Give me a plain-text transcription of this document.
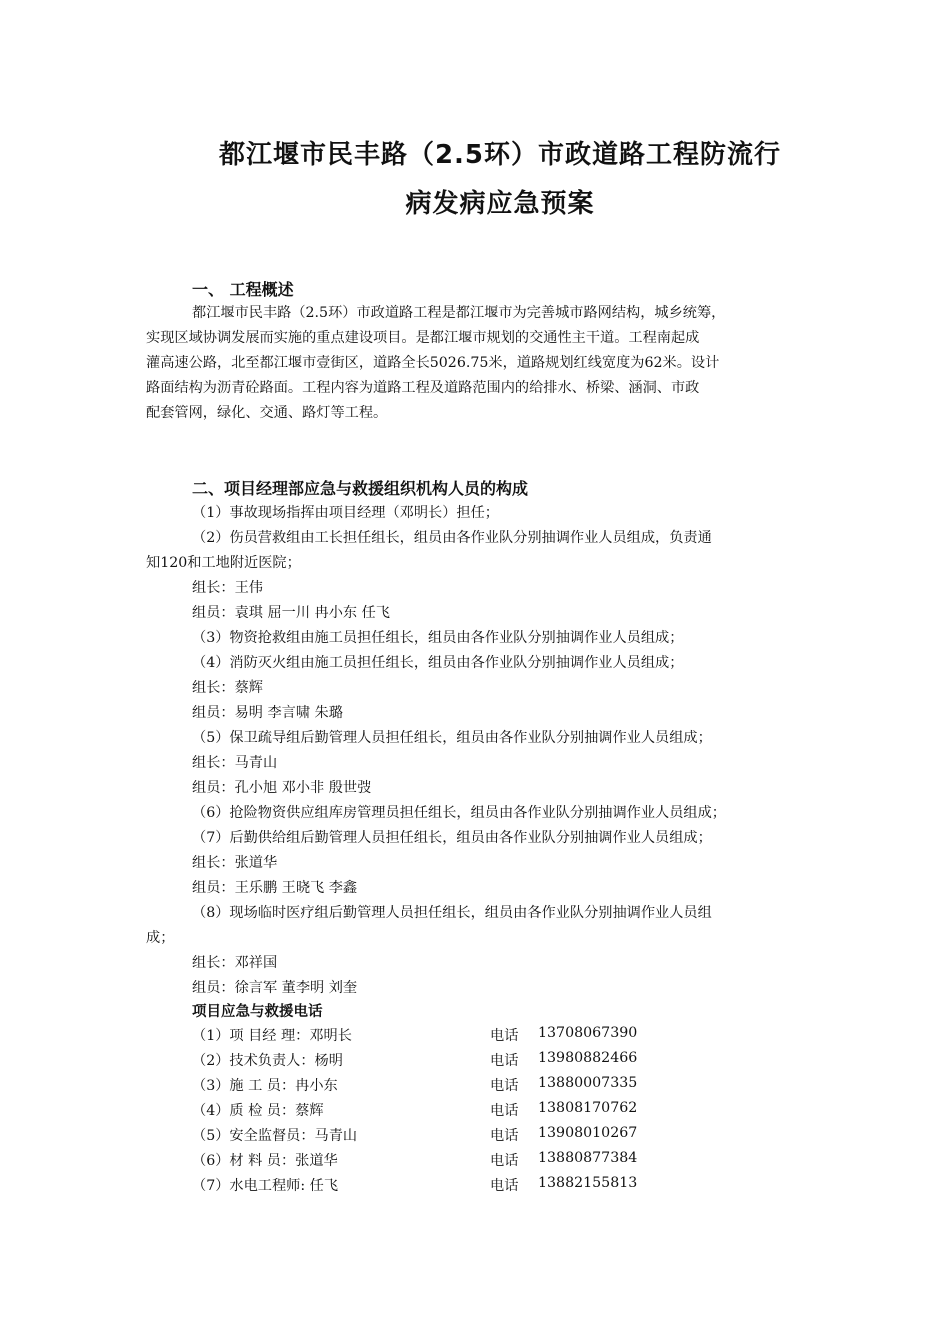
都江堰市民丰路（2.5环）市政道路工程防流行
病发病应急预案
一、 工程概述
都江堰市民丰路（2.5环）市政道路工程是都江堰市为完善城市路网结构，城乡统筹，
实现区域协调发展而实施的重点建设项目。是都江堰市规划的交通性主干道。工程南起成
灌高速公路，北至都江堰市壹街区，道路全长5026.75米，道路规划红线宽度为62米。设计
路面结构为沥青砼路面。工程内容为道路工程及道路范围内的给排水、桥梁、涵洞、市政
配套管网，绿化、交通、路灯等工程。
二、项目经理部应急与救援组织机构人员的构成
（1）事故现场指挥由项目经理（邓明长）担任；
（2）伤员营救组由工长担任组长，组员由各作业队分别抽调作业人员组成，负责通
知120和工地附近医院；
组长：王伟
组员：袁琪 屈一川 冉小东 任飞
（3）物资抢救组由施工员担任组长，组员由各作业队分别抽调作业人员组成；
（4）消防灭火组由施工员担任组长，组员由各作业队分别抽调作业人员组成；
组长：蔡辉
组员：易明 李言啸 朱璐
（5）保卫疏导组后勤管理人员担任组长，组员由各作业队分别抽调作业人员组成；
组长：马青山
组员：孔小旭 邓小非 殷世弢
（6）抢险物资供应组库房管理员担任组长，组员由各作业队分别抽调作业人员组成；
（7）后勤供给组后勤管理人员担任组长，组员由各作业队分别抽调作业人员组成；
组长：张道华
组员：王乐鹏 王晓飞 李鑫
（8）现场临时医疗组后勤管理人员担任组长，组员由各作业队分别抽调作业人员组
成；
组长：邓祥国
组员：徐言军 董李明 刘奎
项目应急与救援电话
（1）项 目经 理：邓明长	电话 13708067390
（2）技术负责人：杨明	电话 13980882466
（3）施 工 员：冉小东	电话 13880007335
（4）质 检 员：蔡辉	电话 13808170762
（5）安全监督员：马青山	电话 13908010267
（6）材 料 员：张道华	电话 13880877384
（7）水电工程师: 任飞	电话 13882155813
